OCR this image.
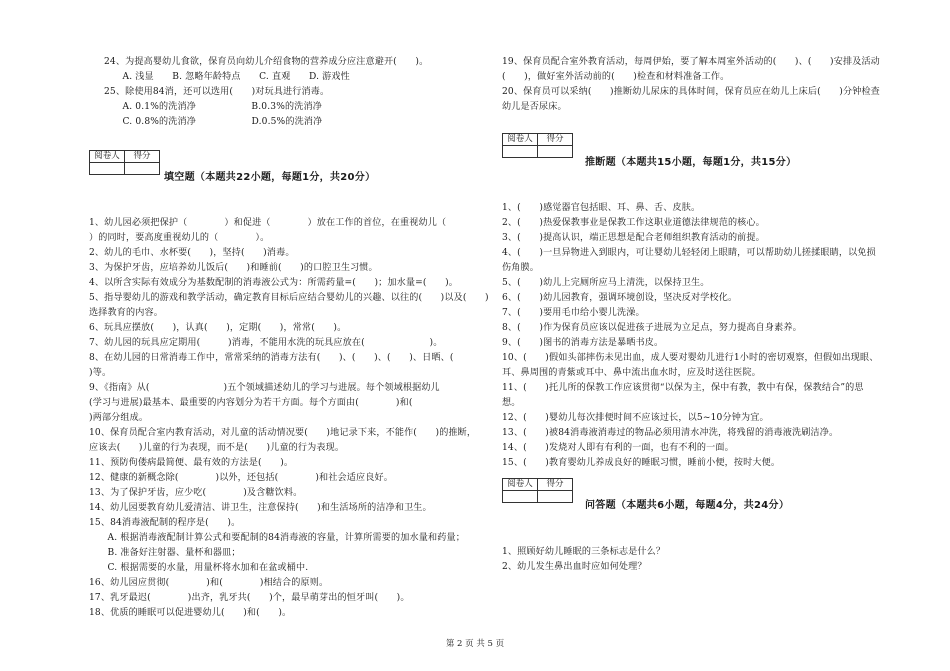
24、为提高婴幼儿食欲，保育员向幼儿介绍食物的营养成分应注意避开(　　)。
　　A. 浅显　　B. 忽略年龄特点　　C. 直观　　D. 游戏性
25、除使用84消，还可以选用(　　)对玩具进行消毒。
　　A. 0.1%的洗消净　　　　　　B.0.3%的洗消净
　　C. 0.8%的洗消净　　　　　　D.0.5%的洗消净
阅卷人	得分

填空题（本题共22小题，每题1分，共20分）
1、幼儿园必须把保护（　　　　）和促进（　　　　）放在工作的首位，在重视幼儿（　　　　
）的同时，要高度重视幼儿的（　　　　）。
2、幼儿的毛巾、水杯要(　　)，坚持(　　)消毒。
3、为保护牙齿，应培养幼儿饭后(　　)和睡前(　　)的口腔卫生习惯。
4、以所含实际有效成分为基数配制的消毒液公式为：所需药量=(　　)；加水量=(　　)。
5、指导婴幼儿的游戏和教学活动，确定教育目标后应结合婴幼儿的兴趣、以往的(　　)以及(　　)
选择教育的内容。
6、玩具应摆放(　　)，认真(　　)，定期(　　)，常常(　　)。
7、幼儿园的玩具应定期用(　　　)消毒，不能用水洗的玩具应放在(　　　　　　　)。
8、在幼儿园的日常消毒工作中，常常采纳的消毒方法有(　　)、(　　)、(　　)、日晒、(　　
)等。
9、《指南》从(　　　　　　　　)五个领域描述幼儿的学习与进展。每个领域根据幼儿
(学习与进展)最基本、最重要的内容划分为若干方面。每个方面由(　　　　)和(　　　　
)两部分组成。
10、保育员配合室内教育活动，对儿童的活动情况要(　　)地记录下来，不能作(　　)的推断，
应该去(　　)儿童的行为表现，而不是(　　)儿童的行为表现。
11、预防佝偻病最简便、最有效的方法是(　　)。
12、健康的新概念除(　　　　)以外，还包括(　　　　)和社会适应良好。
13、为了保护牙齿，应少吃(　　　　)及含糖饮料。
14、幼儿园要教育幼儿爱清洁、讲卫生，注意保持(　　)和生活场所的洁净和卫生。
15、84消毒液配制的程序是(　　)。
　　A. 根据消毒液配制计算公式和要配制的84消毒液的容量，计算所需要的加水量和药量；
　　B. 准备好注射器、量杯和器皿；
　　C. 根据需要的水量，用量杯将水加和在盆或桶中.
16、幼儿园应贯彻(　　　　)和(　　　　)相结合的原则。
17、乳牙最迟(　　　　)出齐，乳牙共(　　)个，最早萌芽出的恒牙叫(　　)。
18、优质的睡眠可以促进婴幼儿(　　)和(　　)。
19、保育员配合室外教育活动，每周伊始，要了解本周室外活动的(　　)、(　　)安排及活动
(　　)，做好室外活动前的(　　)检查和材料准备工作。
20、保育员可以采纳(　　)推断幼儿尿床的具体时间，保育员应在幼儿上床后(　　)分钟检查
幼儿是否尿床。
阅卷人	得分

推断题（本题共15小题，每题1分，共15分）
1、(　　)感觉器官包括眼、耳、鼻、舌、皮肤。
2、(　　)热爱保教事业是保教工作这职业道德法律规范的核心。
3、(　　)提高认识，端正思想是配合老师组织教育活动的前提。
4、(　　)一旦异物进入到眼内，可让婴幼儿轻轻闭上眼睛，可以帮助幼儿搓揉眼睛，以免损
伤角膜。
5、(　　)幼儿上完厕所应马上清洗，以保持卫生。
6、(　　)幼儿园教育，强调环境创设，坚决反对学校化。
7、(　　)要用毛巾给小婴儿洗澡。
8、(　　)作为保育员应该以促进孩子进展为立足点，努力提高自身素养。
9、(　　)图书的消毒方法是暴晒书皮。
10、(　　)假如头部摔伤未见出血，成人要对婴幼儿进行1小时的密切观察，但假如出现眼、
耳、鼻周围的青紫或耳中、鼻中流出血水时，应及时送往医院。
11、(　　)托儿所的保教工作应该贯彻“以保为主，保中有教，教中有保，保教结合”的思
想。
12、(　　)婴幼儿每次排便时间不应该过长，以5~10分钟为宜。
13、(　　)被84消毒液消毒过的物品必须用清水冲洗，将残留的消毒液洗刷洁净。
14、(　　)发烧对人即有有利的一面，也有不利的一面。
15、(　　)教育婴幼儿养成良好的睡眠习惯，睡前小便，按时大便。
阅卷人	得分

问答题（本题共6小题，每题4分，共24分）
1、照顾好幼儿睡眠的三条标志是什么？
2、幼儿发生鼻出血时应如何处理？
第 2 页 共 5 页
